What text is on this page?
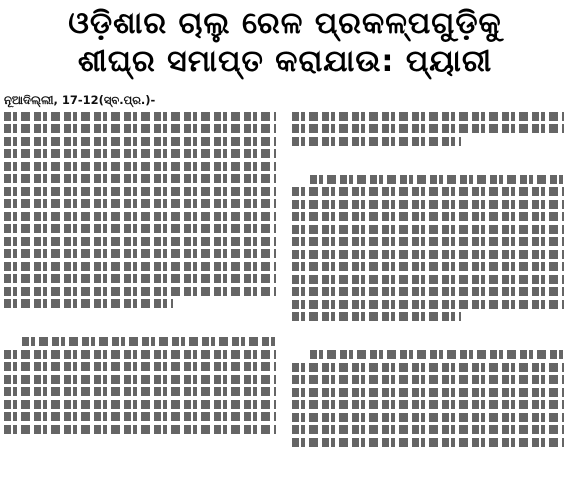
ଓଡ଼ିଶାର ଚାଲୁ ରେଳ ପ୍ରକଳ୍ପଗୁଡ଼ିକୁ
ଶୀଘ୍ର ସମାପ୍ତ କରାଯାଉ: ପ୍ୟାରୀ
ନୂଆଦିଲ୍ଲୀ, 17-12(ସ୍ବ.ପ୍ର.)-
